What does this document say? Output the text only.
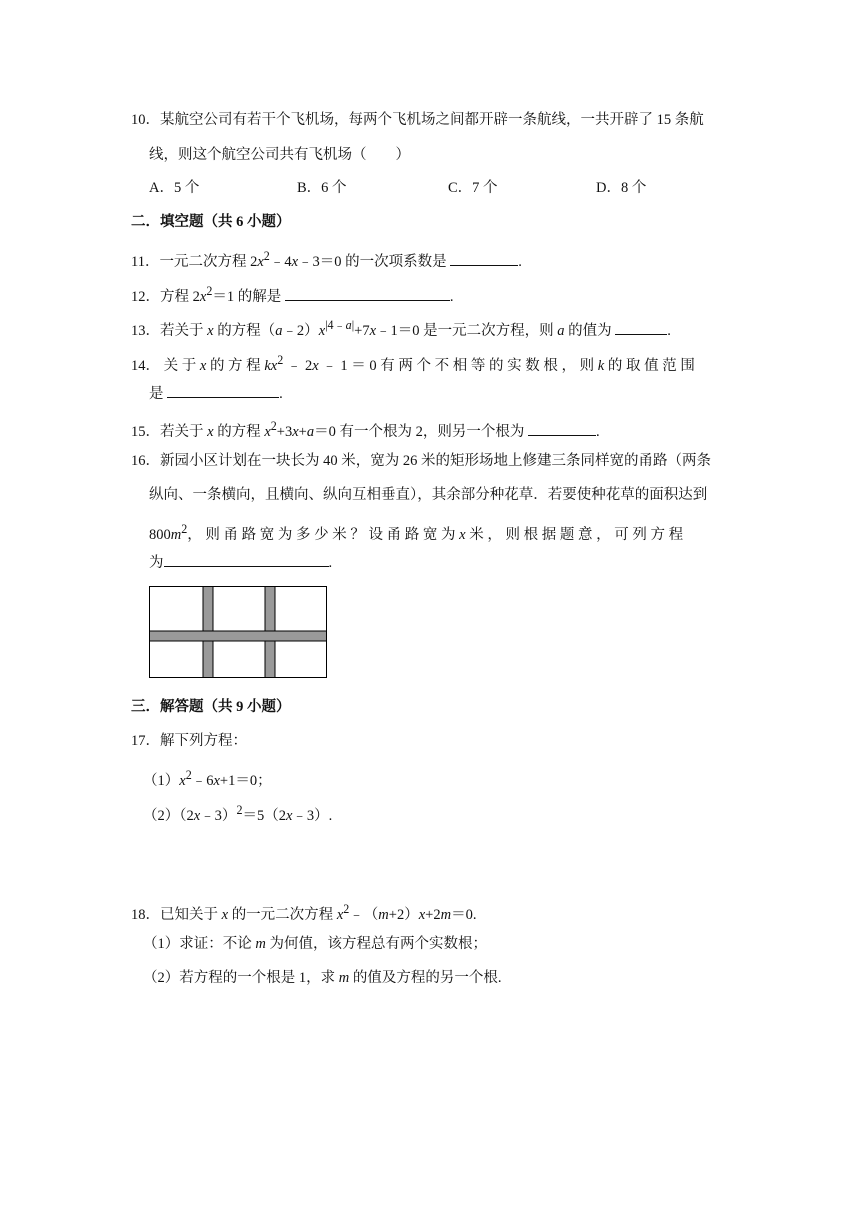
10．某航空公司有若干个飞机场，每两个飞机场之间都开辟一条航线，一共开辟了 15 条航
线，则这个航空公司共有飞机场（　　）
A．5 个	B．6 个	C．7 个	D．8 个
二．填空题（共 6 小题）
11．一元二次方程 $2x^2﹣4x﹣3=0$ 的一次项系数是	.
12．方程 $2x^2=1$ 的解是	.
13．若关于 x 的方程$(a﹣2)x^{|4﹣a|}+7x﹣1=0$ 是一元二次方程，则 a 的值为	.
14． 关 于 x 的 方 程 $kx^2$ ﹣ 2x ﹣ 1 ＝ 0 有 两 个 不 相 等 的 实 数 根 ， 则 k 的 取 值 范 围
是	.
15．若关于 x 的方程 $x^2+3x+a=0$ 有一个根为 2，则另一个根为	.
16．新园小区计划在一块长为 40 米，宽为 26 米的矩形场地上修建三条同样宽的甬路（两条
纵向、一条横向，且横向、纵向互相垂直），其余部分种花草．若要使种花草的面积达到
$800m^2$， 则 甬 路 宽 为 多 少 米 ？ 设 甬 路 宽 为 x 米 ， 则 根 据 题 意 ， 可 列 方 程
为	.
三．解答题（共 9 小题）
17．解下列方程：
$(1)x^2﹣6x+1=0$；
（2）（2x﹣3）$^2$＝5（2x﹣3）.
18．已知关于 x 的一元二次方程 $x^2﹣(m+2)x+2m=0$.
（1）求证：不论 m 为何值，该方程总有两个实数根；
（2）若方程的一个根是 1，求 m 的值及方程的另一个根.
